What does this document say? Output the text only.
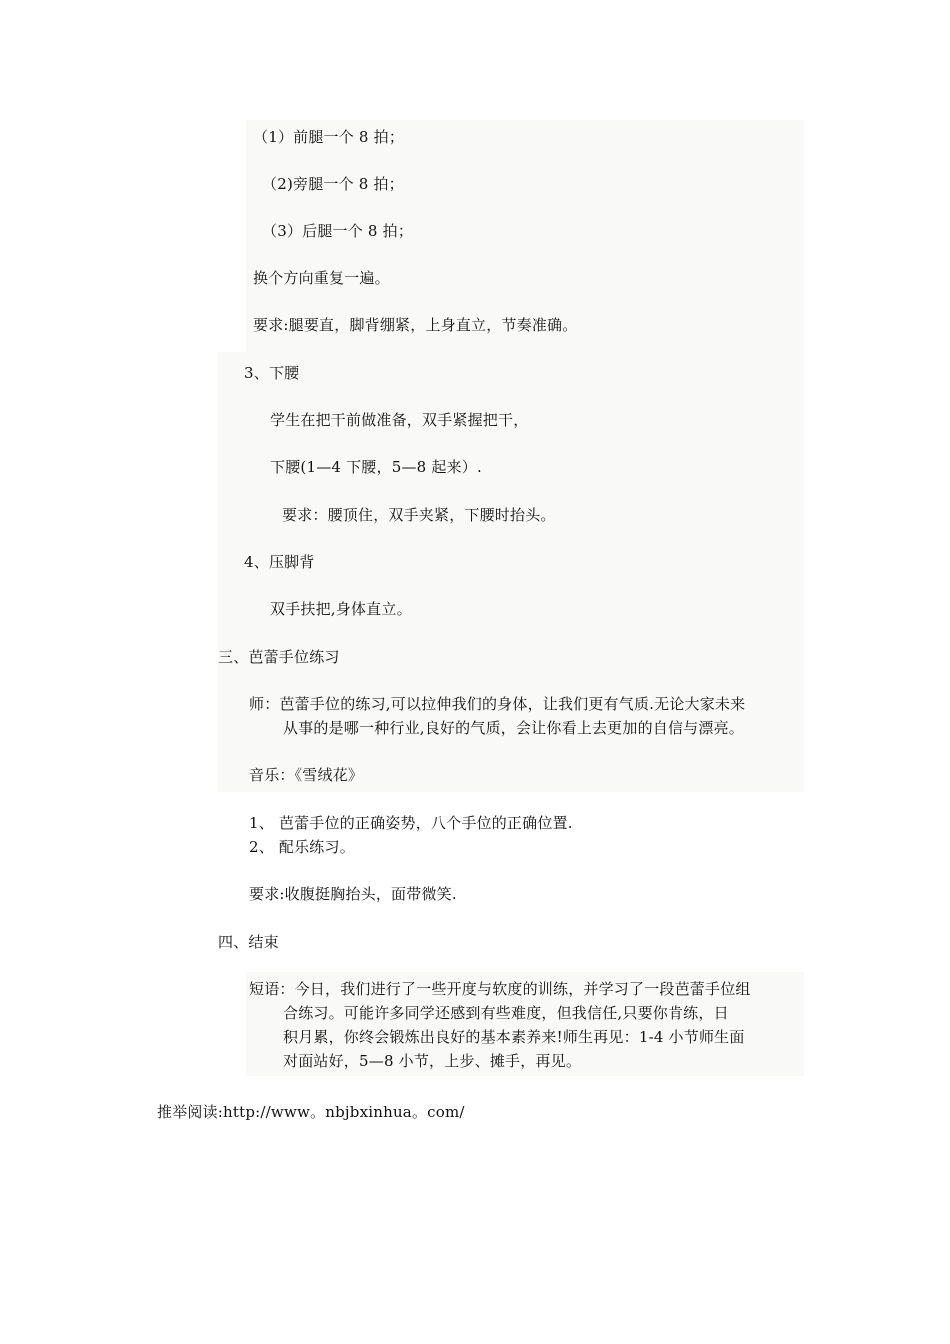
（1）前腿一个 8 拍；
（2)旁腿一个 8 拍；
（3）后腿一个 8 拍；
换个方向重复一遍。
要求:腿要直，脚背绷紧，上身直立，节奏准确。
3、下腰
学生在把干前做准备，双手紧握把干，
下腰(1—4 下腰，5—8 起来）.
要求：腰顶住，双手夹紧，下腰时抬头。
4、压脚背
双手扶把,身体直立。
三、芭蕾手位练习
师：芭蕾手位的练习,可以拉伸我们的身体，让我们更有气质.无论大家未来
从事的是哪一种行业,良好的气质，会让你看上去更加的自信与漂亮。
音乐：《雪绒花》
1、 芭蕾手位的正确姿势，八个手位的正确位置.
2、 配乐练习。
要求:收腹挺胸抬头，面带微笑.
四、结束
短语：今日，我们进行了一些开度与软度的训练，并学习了一段芭蕾手位组
合练习。可能许多同学还感到有些难度，但我信任,只要你肯练，日
积月累，你终会锻炼出良好的基本素养来!师生再见：1-4 小节师生面
对面站好，5—8 小节，上步、摊手，再见。
推举阅读:http://www。nbjbxinhua。com/
